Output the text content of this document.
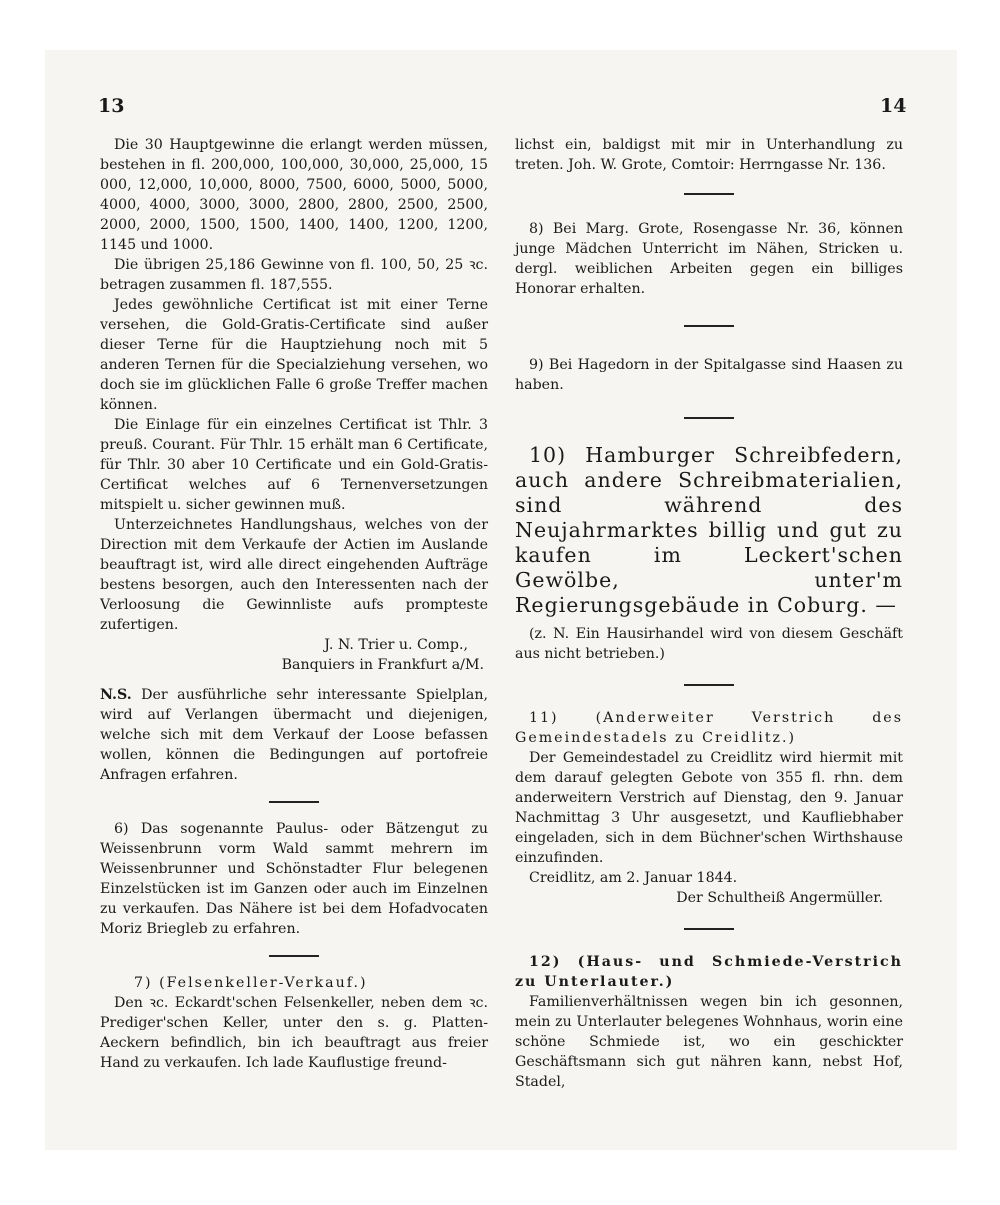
13	14

Die 30 Hauptgewinne die erlangt werden müssen, bestehen in fl. 200,000, 100,000, 30,000, 25,000, 15 000, 12,000, 10,000, 8000, 7500, 6000, 5000, 5000, 4000, 4000, 3000, 3000, 2800, 2800, 2500, 2500, 2000, 2000, 1500, 1500, 1400, 1400, 1200, 1200, 1145 und 1000.

Die übrigen 25,186 Gewinne von fl. 100, 50, 25 ꝛc. betragen zusammen fl. 187,555.

Jedes gewöhnliche Certificat ist mit einer Terne versehen, die Gold-Gratis-Certificate sind außer dieser Terne für die Hauptziehung noch mit 5 anderen Ternen für die Specialziehung versehen, wo doch sie im glücklichen Falle 6 große Treffer machen können.

Die Einlage für ein einzelnes Certificat ist Thlr. 3 preuß. Courant. Für Thlr. 15 erhält man 6 Certificate, für Thlr. 30 aber 10 Certificate und ein Gold-Gratis-Certificat welches auf 6 Ternenversetzungen mitspielt u. sicher gewinnen muß.

Unterzeichnetes Handlungshaus, welches von der Direction mit dem Verkaufe der Actien im Auslande beauftragt ist, wird alle direct eingehenden Aufträge bestens besorgen, auch den Interessenten nach der Verloosung die Gewinnliste aufs prompteste zufertigen.

J. N. Trier u. Comp.,

Banquiers in Frankfurt a/M.

N.S. Der ausführliche sehr interessante Spielplan, wird auf Verlangen übermacht und diejenigen, welche sich mit dem Verkauf der Loose befassen wollen, können die Bedingungen auf portofreie Anfragen erfahren.

6) Das sogenannte Paulus- oder Bätzengut zu Weissenbrunn vorm Wald sammt mehrern im Weissenbrunner und Schönstadter Flur belegenen Einzelstücken ist im Ganzen oder auch im Einzelnen zu verkaufen. Das Nähere ist bei dem Hofadvocaten Moriz Briegleb zu erfahren.

7) (Felsenkeller-Verkauf.)

Den ꝛc. Eckardt'schen Felsenkeller, neben dem ꝛc. Prediger'schen Keller, unter den s. g. Platten-Aeckern befindlich, bin ich beauftragt aus freier Hand zu verkaufen. Ich lade Kauflustige freund-

lichst ein, baldigst mit mir in Unterhandlung zu treten. Joh. W. Grote, Comtoir: Herrngasse Nr. 136.

8) Bei Marg. Grote, Rosengasse Nr. 36, können junge Mädchen Unterricht im Nähen, Stricken u. dergl. weiblichen Arbeiten gegen ein billiges Honorar erhalten.

9) Bei Hagedorn in der Spitalgasse sind Haasen zu haben.

10) Hamburger Schreibfedern, auch andere Schreibmaterialien, sind während des Neujahrmarktes billig und gut zu kaufen im Leckert'schen Gewölbe, unter'm Regierungsgebäude in Coburg. —

(z. N. Ein Hausirhandel wird von diesem Geschäft aus nicht betrieben.)

11) (Anderweiter Verstrich des Gemeindestadels zu Creidlitz.)

Der Gemeindestadel zu Creidlitz wird hiermit mit dem darauf gelegten Gebote von 355 fl. rhn. dem anderweitern Verstrich auf Dienstag, den 9. Januar Nachmittag 3 Uhr ausgesetzt, und Kaufliebhaber eingeladen, sich in dem Büchner'schen Wirthshause einzufinden.

Creidlitz, am 2. Januar 1844.

Der Schultheiß Angermüller.

12) (Haus- und Schmiede-Verstrich zu Unterlauter.)

Familienverhältnissen wegen bin ich gesonnen, mein zu Unterlauter belegenes Wohnhaus, worin eine schöne Schmiede ist, wo ein geschickter Geschäftsmann sich gut nähren kann, nebst Hof, Stadel,
